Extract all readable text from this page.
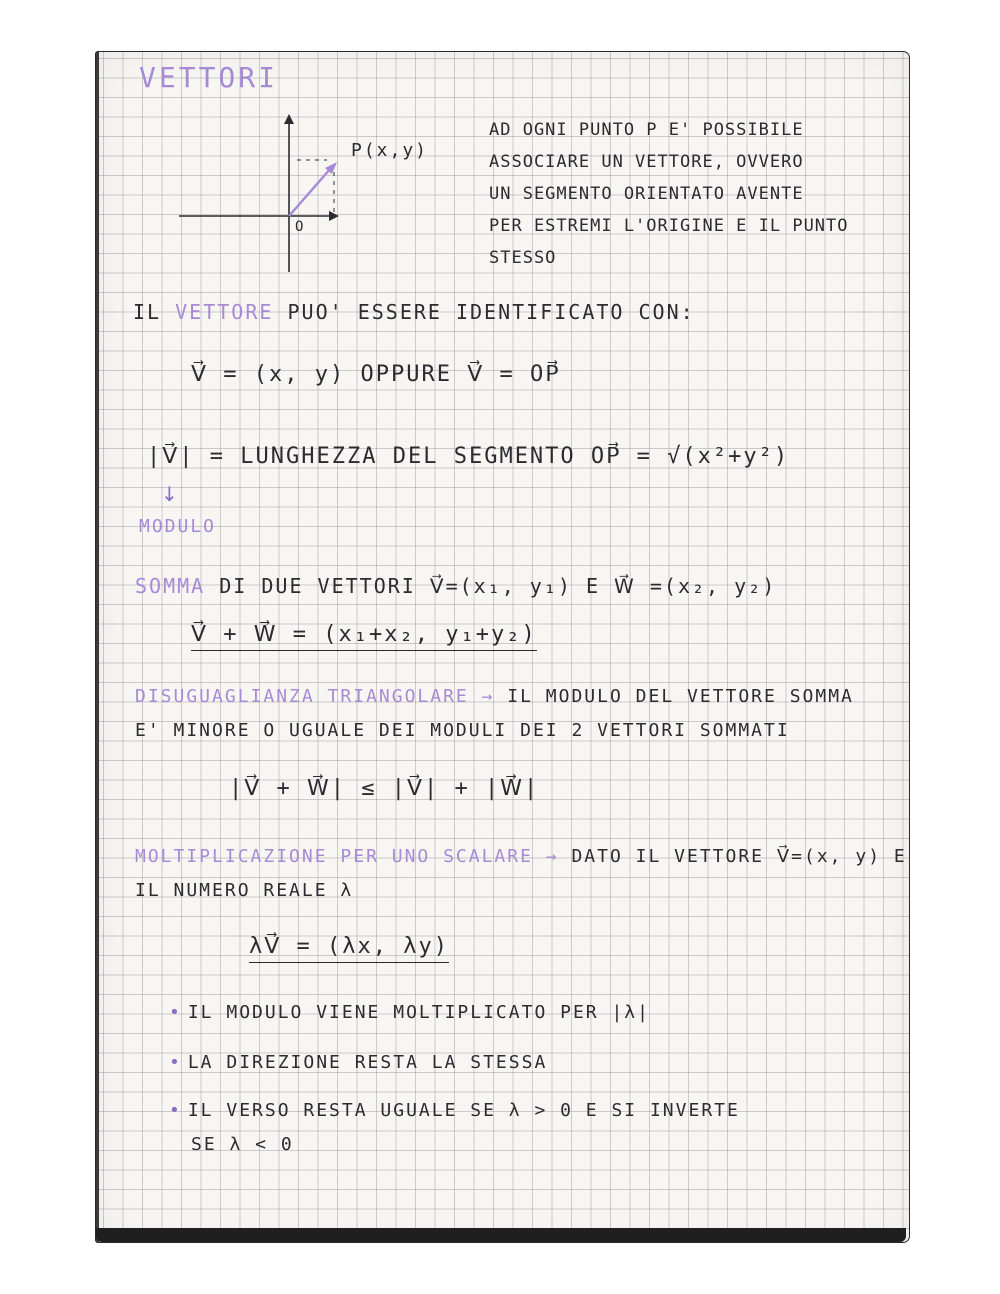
VETTORI
P(x,y)
O
AD OGNI PUNTO P E' POSSIBILE
ASSOCIARE UN VETTORE, OVVERO
UN SEGMENTO ORIENTATO AVENTE
PER ESTREMI L'ORIGINE E IL PUNTO
STESSO
IL VETTORE PUO' ESSERE IDENTIFICATO CON:
V⃗ = (x, y) OPPURE V⃗ = OP⃗
|V⃗| = LUNGHEZZA DEL SEGMENTO OP⃗ = √(x²+y²)
↓
MODULO
SOMMA DI DUE VETTORI V⃗=(x₁, y₁) E W⃗ =(x₂, y₂)
V⃗ + W⃗ = (x₁+x₂, y₁+y₂)
DISUGUAGLIANZA TRIANGOLARE → IL MODULO DEL VETTORE SOMMA
E' MINORE O UGUALE DEI MODULI DEI 2 VETTORI SOMMATI
|V⃗ + W⃗| ≤ |V⃗| + |W⃗|
MOLTIPLICAZIONE PER UNO SCALARE → DATO IL VETTORE V⃗=(x, y) E
IL NUMERO REALE λ
λV⃗ = (λx, λy)
• IL MODULO VIENE MOLTIPLICATO PER |λ|
• LA DIREZIONE RESTA LA STESSA
• IL VERSO RESTA UGUALE SE λ > 0 E SI INVERTE
SE λ < 0
